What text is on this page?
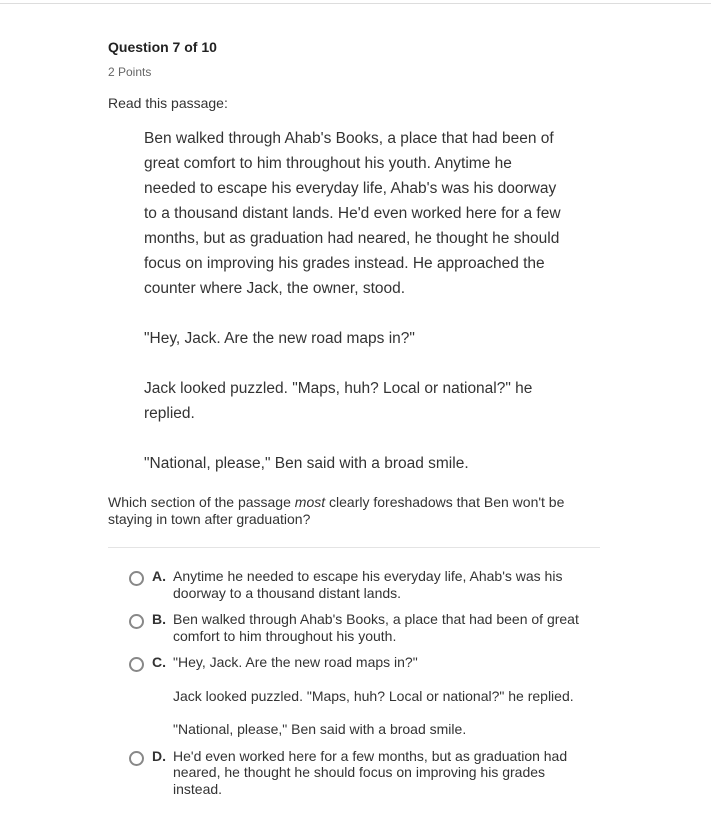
Question 7 of 10
2 Points
Read this passage:

Ben walked through Ahab's Books, a place that had been of great comfort to him throughout his youth. Anytime he needed to escape his everyday life, Ahab's was his doorway to a thousand distant lands. He'd even worked here for a few months, but as graduation had neared, he thought he should focus on improving his grades instead. He approached the counter where Jack, the owner, stood.

"Hey, Jack. Are the new road maps in?"

Jack looked puzzled. "Maps, huh? Local or national?" he replied.

"National, please," Ben said with a broad smile.

Which section of the passage most clearly foreshadows that Ben won't be staying in town after graduation?
A. Anytime he needed to escape his everyday life, Ahab's was his doorway to a thousand distant lands.
B. Ben walked through Ahab's Books, a place that had been of great comfort to him throughout his youth.
C. "Hey, Jack. Are the new road maps in?"
Jack looked puzzled. "Maps, huh? Local or national?" he replied.
"National, please," Ben said with a broad smile.
D. He'd even worked here for a few months, but as graduation had neared, he thought he should focus on improving his grades instead.
